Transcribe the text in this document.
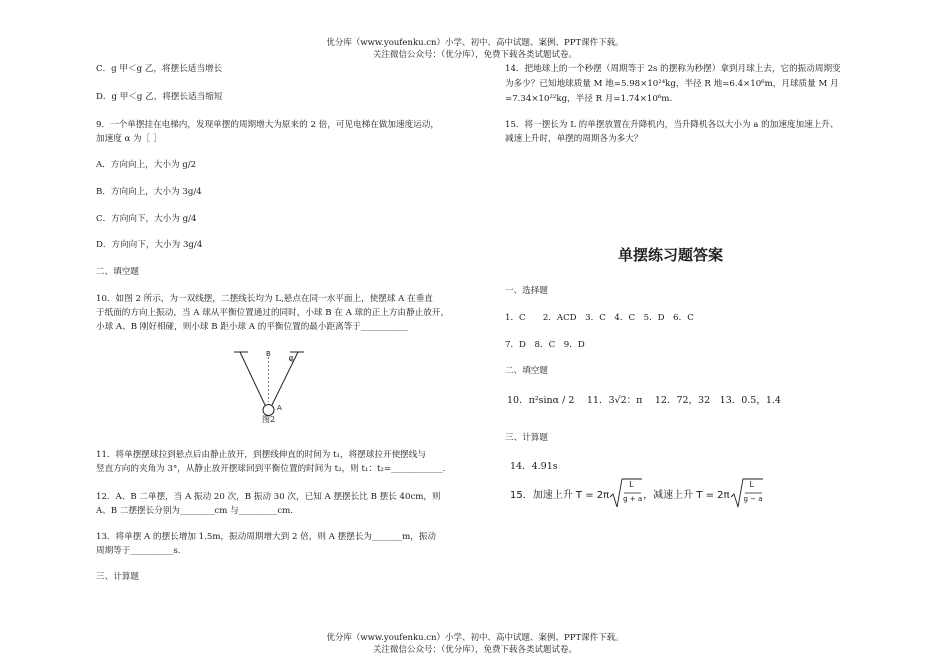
优分库（www.youfenku.cn）小学、初中、高中试题、案例、PPT课件下载。
关注微信公众号：（优分库），免费下载各类试题试卷。
C．g 甲＜g 乙，将摆长适当增长
D．g 甲＜g 乙，将摆长适当缩短
9．一个单摆挂在电梯内，发现单摆的周期增大为原来的 2 倍，可见电梯在做加速度运动，
加速度 α 为［ ］
A．方向向上，大小为 g/2
B．方向向上，大小为 3g/4
C．方向向下，大小为 g/4
D．方向向下，大小为 3g/4
二、填空题
10．如图 2 所示，为一双线摆，二摆线长均为 L,悬点在同一水平面上，使摆球 A 在垂直
于纸面的方向上振动，当 A 球从平衡位置通过的同时，小球 B 在 A 球的正上方由静止放开，
小球 A、B 刚好相碰，则小球 B 距小球 A 的平衡位置的最小距离等于___________
B	α
A
图2
11．将单摆摆球拉到悬点后由静止放开，到摆线伸直的时间为 t₁，将摆球拉开使摆线与
竖直方向的夹角为 3°，从静止放开摆球回到平衡位置的时间为 t₂，则 t₁：t₂=____________.
12．A、B 二单摆，当 A 振动 20 次，B 振动 30 次，已知 A 摆摆长比 B 摆长 40cm，则
A、B 二摆摆长分别为________cm 与_________cm.
13．将单摆 A 的摆长增加 1.5m，振动周期增大到 2 倍，则 A 摆摆长为_______m，振动
周期等于__________s.
三、计算题
14．把地球上的一个秒摆（周期等于 2s 的摆称为秒摆）拿到月球上去，它的振动周期变
为多少？已知地球质量 M 地=5.98×10²⁴kg，半径 R 地=6.4×10⁶m，月球质量 M 月
=7.34×10²²kg，半径 R 月=1.74×10⁶m.
15．将一摆长为 L 的单摆放置在升降机内，当升降机各以大小为 a 的加速度加速上升、
减速上升时，单摆的周期各为多大？
单摆练习题答案
一、选择题
1．C　　2．ACD　3．C　4．C　5．D　6．C
7．D　8．C　9．D
二、填空题
10．π²sinα / 2　 11．3√2：π　 12．72，32　13．0.5，1.4
三、计算题
14．4.91s
15．加速上升 T = 2π
L
g + a ，减速上升 T = 2π
L
g − a
优分库（www.youfenku.cn）小学、初中、高中试题、案例、PPT课件下载。
关注微信公众号：（优分库），免费下载各类试题试卷。
